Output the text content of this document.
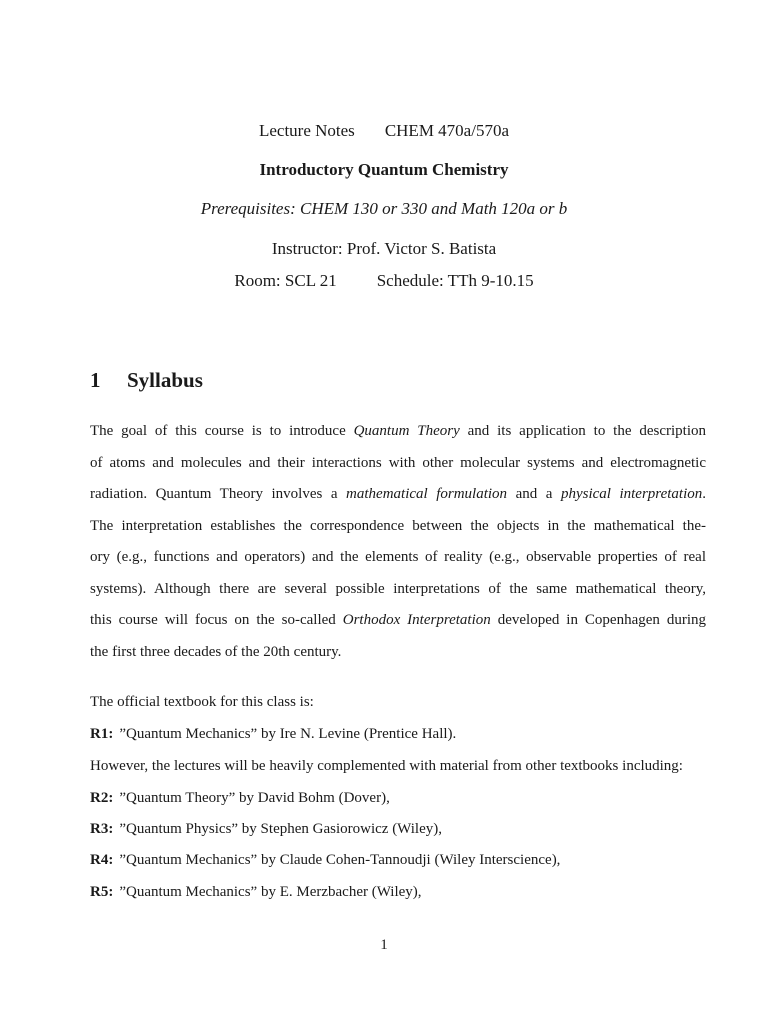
Lecture Notes CHEM 470a/570a
Introductory Quantum Chemistry
Prerequisites: CHEM 130 or 330 and Math 120a or b
Instructor: Prof. Victor S. Batista
Room: SCL 21 Schedule: TTh 9-10.15
1 Syllabus
The goal of this course is to introduce Quantum Theory and its application to the description
of atoms and molecules and their interactions with other molecular systems and electromagnetic
radiation. Quantum Theory involves a mathematical formulation and a physical interpretation.
The interpretation establishes the correspondence between the objects in the mathematical the-
ory (e.g., functions and operators) and the elements of reality (e.g., observable properties of real
systems). Although there are several possible interpretations of the same mathematical theory,
this course will focus on the so-called Orthodox Interpretation developed in Copenhagen during
the first three decades of the 20th century.
The official textbook for this class is:
R1: ”Quantum Mechanics” by Ire N. Levine (Prentice Hall).
However, the lectures will be heavily complemented with material from other textbooks including:
R2: ”Quantum Theory” by David Bohm (Dover),
R3: ”Quantum Physics” by Stephen Gasiorowicz (Wiley),
R4: ”Quantum Mechanics” by Claude Cohen-Tannoudji (Wiley Interscience),
R5: ”Quantum Mechanics” by E. Merzbacher (Wiley),
1
